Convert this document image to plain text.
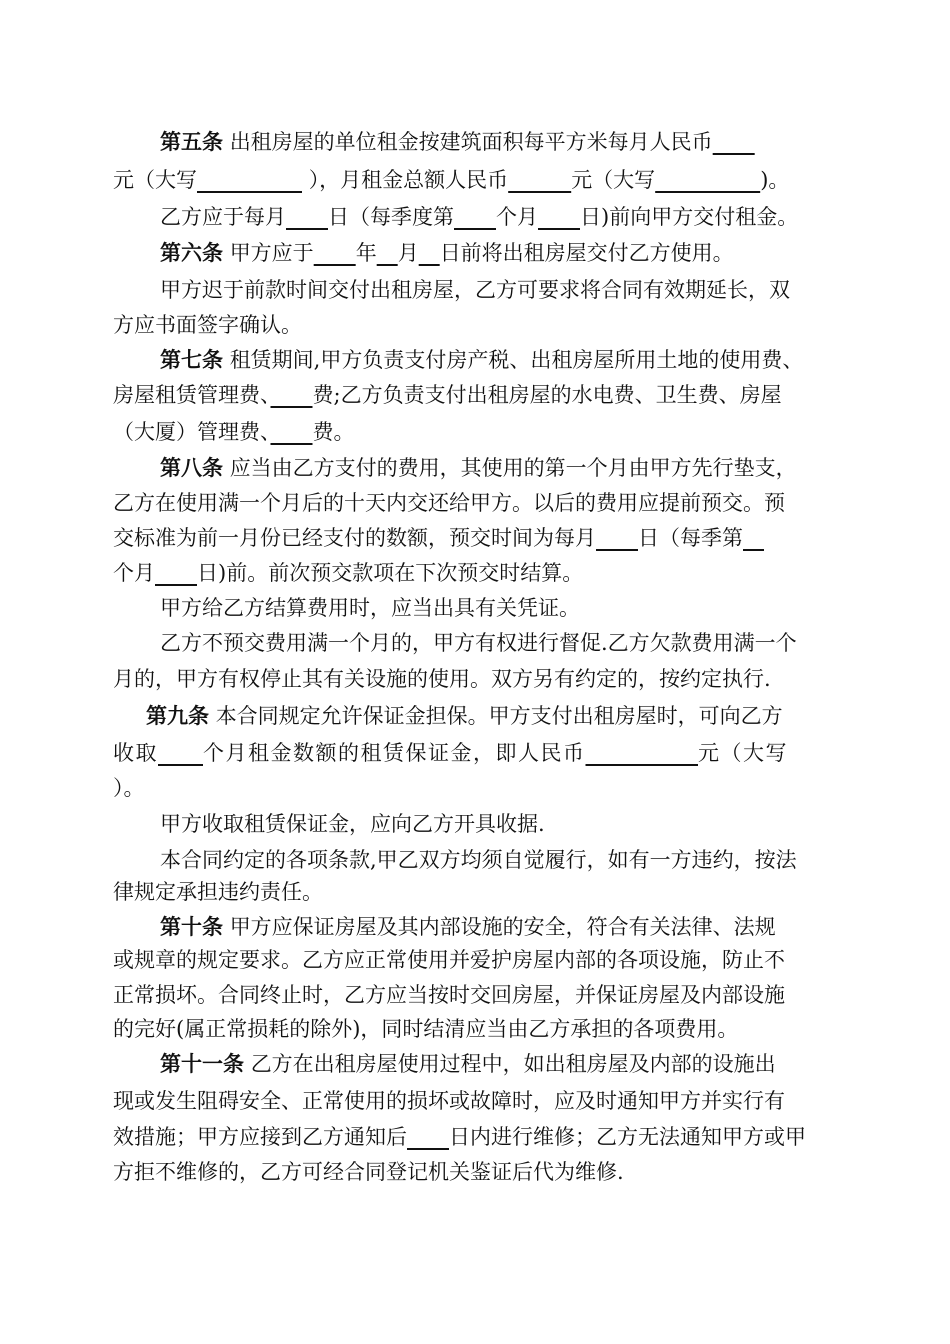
第五条 出租房屋的单位租金按建筑面积每平方米每月人民币　　
元（大写　　　　　	），月租金总额人民币　　　	元（大写　　　　　	)。
乙方应于每月　　 日（每季度第　　 个月　　 日)前向甲方交付租金。
第六条 甲方应于　　 年　 月　 日前将出租房屋交付乙方使用。
甲方迟于前款时间交付出租房屋，乙方可要求将合同有效期延长，双
方应书面签字确认。
第七条 租赁期间,甲方负责支付房产税、出租房屋所用土地的使用费、
房屋租赁管理费、　　 费;乙方负责支付出租房屋的水电费、卫生费、房屋
（大厦）管理费、　　 费。
第八条 应当由乙方支付的费用，其使用的第一个月由甲方先行垫支，
乙方在使用满一个月后的十天内交还给甲方。以后的费用应提前预交。预
交标准为前一月份已经支付的数额，预交时间为每月　　 日（每季第　
个月　　 日)前。前次预交款项在下次预交时结算。
甲方给乙方结算费用时，应当出具有关凭证。
乙方不预交费用满一个月的，甲方有权进行督促.乙方欠款费用满一个
月的，甲方有权停止其有关设施的使用。双方另有约定的，按约定执行.
第九条 本合同规定允许保证金担保。甲方支付出租房屋时，可向乙方
收取　　 个月租金数额的租赁保证金，即人民币　　　　　	元（大写
）。
甲方收取租赁保证金，应向乙方开具收据.
本合同约定的各项条款,甲乙双方均须自觉履行，如有一方违约，按法
律规定承担违约责任。
第十条 甲方应保证房屋及其内部设施的安全，符合有关法律、法规
或规章的规定要求。乙方应正常使用并爱护房屋内部的各项设施，防止不
正常损坏。合同终止时，乙方应当按时交回房屋，并保证房屋及内部设施
的完好(属正常损耗的除外)，同时结清应当由乙方承担的各项费用。
第十一条 乙方在出租房屋使用过程中，如出租房屋及内部的设施出
现或发生阻碍安全、正常使用的损坏或故障时，应及时通知甲方并实行有
效措施；甲方应接到乙方通知后　　 日内进行维修；乙方无法通知甲方或甲
方拒不维修的，乙方可经合同登记机关鉴证后代为维修.
